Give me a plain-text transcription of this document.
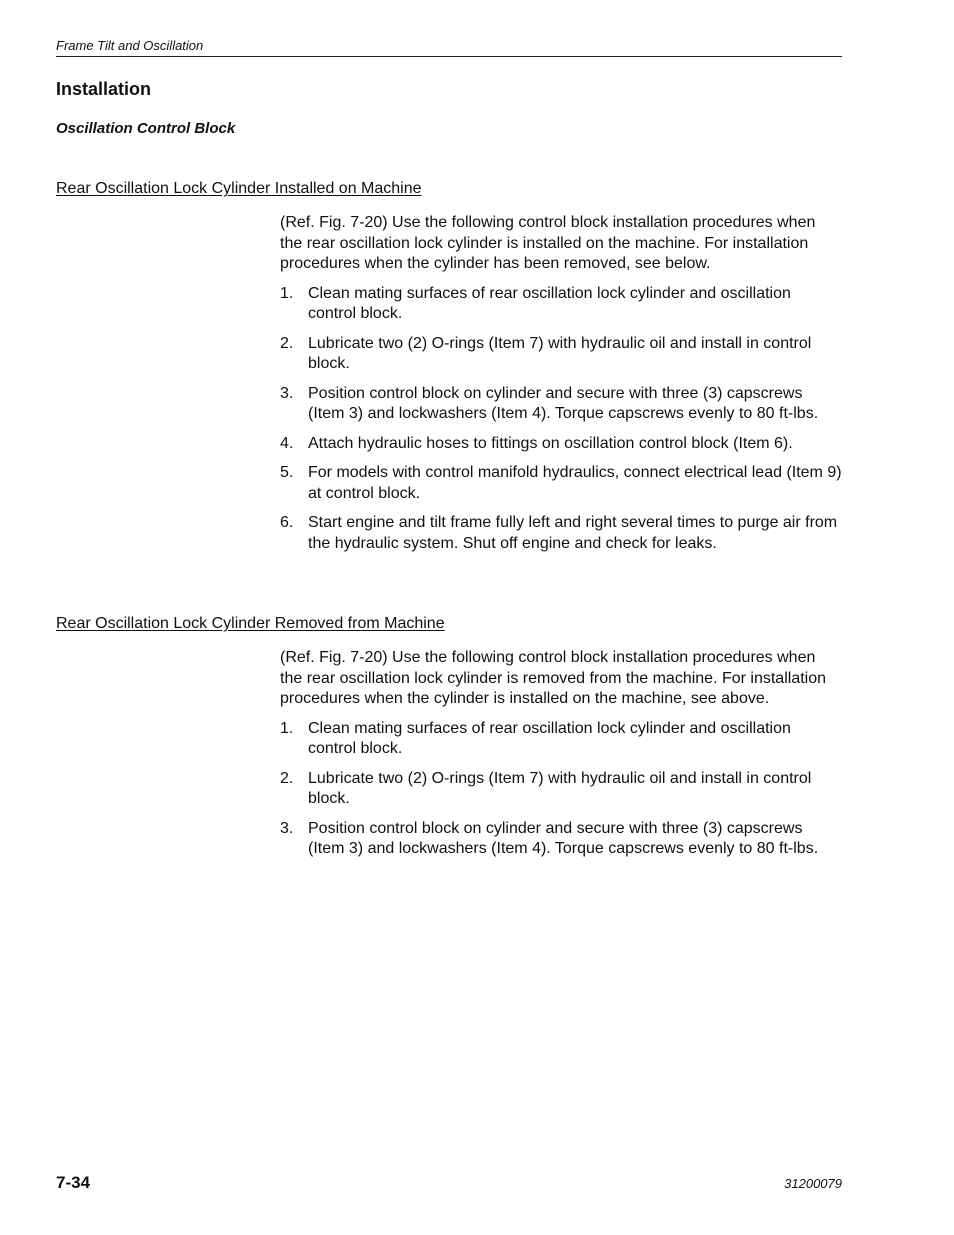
Frame Tilt and Oscillation
Installation
Oscillation Control Block
Rear Oscillation Lock Cylinder Installed on Machine

(Ref. Fig. 7-20) Use the following control block installation procedures when the rear oscillation lock cylinder is installed on the machine. For installation procedures when the cylinder has been removed, see below.

1. Clean mating surfaces of rear oscillation lock cylinder and oscillation control block.
2. Lubricate two (2) O-rings (Item 7) with hydraulic oil and install in control block.
3. Position control block on cylinder and secure with three (3) capscrews (Item 3) and lockwashers (Item 4). Torque capscrews evenly to 80 ft-lbs.
4. Attach hydraulic hoses to fittings on oscillation control block (Item 6).
5. For models with control manifold hydraulics, connect electrical lead (Item 9) at control block.
6. Start engine and tilt frame fully left and right several times to purge air from the hydraulic system. Shut off engine and check for leaks.
Rear Oscillation Lock Cylinder Removed from Machine

(Ref. Fig. 7-20) Use the following control block installation procedures when the rear oscillation lock cylinder is removed from the machine. For installation procedures when the cylinder is installed on the machine, see above.

1. Clean mating surfaces of rear oscillation lock cylinder and oscillation control block.
2. Lubricate two (2) O-rings (Item 7) with hydraulic oil and install in control block.
3. Position control block on cylinder and secure with three (3) capscrews (Item 3) and lockwashers (Item 4). Torque capscrews evenly to 80 ft-lbs.
7-34	31200079
